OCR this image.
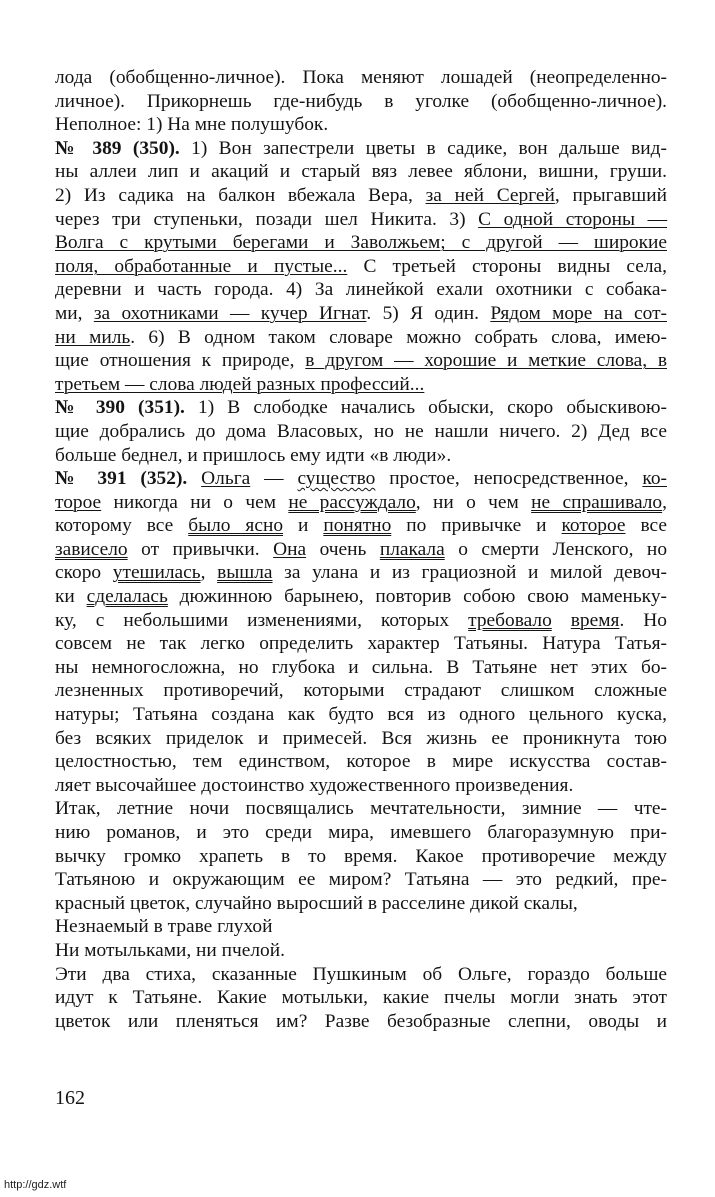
лода (обобщенно-личное). Пока меняют лошадей (неопределенно-
личное). Прикорнешь где-нибудь в уголке (обобщенно-личное).
Неполное: 1) На мне полушубок.
№ 389 (350). 1) Вон запестрели цветы в садике, вон дальше вид-
ны аллеи лип и акаций и старый вяз левее яблони, вишни, груши.
2) Из садика на балкон вбежала Вера, за ней Сергей, прыгавший
через три ступеньки, позади шел Никита. 3) С одной стороны —
Волга с крутыми берегами и Заволжьем; с другой — широкие
поля, обработанные и пустые... С третьей стороны видны села,
деревни и часть города. 4) За линейкой ехали охотники с собака-
ми, за охотниками — кучер Игнат. 5) Я один. Рядом море на сот-
ни миль. 6) В одном таком словаре можно собрать слова, имею-
щие отношения к природе, в другом — хорошие и меткие слова, в
третьем — слова людей разных профессий...
№ 390 (351). 1) В слободке начались обыски, скоро обыскивою-
щие добрались до дома Власовых, но не нашли ничего. 2) Дед все
больше беднел, и пришлось ему идти «в люди».
№ 391 (352). Ольга — существо простое, непосредственное, ко-
торое никогда ни о чем не рассуждало, ни о чем не спрашивало,
которому все было ясно и понятно по привычке и которое все
зависело от привычки. Она очень плакала о смерти Ленского, но
скоро утешилась, вышла за улана и из грациозной и милой девоч-
ки сделалась дюжинною барынею, повторив собою свою маменьку-
ку, с небольшими изменениями, которых требовало время. Но
совсем не так легко определить характер Татьяны. Натура Татья-
ны немногосложна, но глубока и сильна. В Татьяне нет этих бо-
лезненных противоречий, которыми страдают слишком сложные
натуры; Татьяна создана как будто вся из одного цельного куска,
без всяких приделок и примесей. Вся жизнь ее проникнута тою
целостностью, тем единством, которое в мире искусства состав-
ляет высочайшее достоинство художественного произведения.
Итак, летние ночи посвящались мечтательности, зимние — чте-
нию романов, и это среди мира, имевшего благоразумную при-
вычку громко храпеть в то время. Какое противоречие между
Татьяною и окружающим ее миром? Татьяна — это редкий, пре-
красный цветок, случайно выросший в расселине дикой скалы,
Незнаемый в траве глухой
Ни мотыльками, ни пчелой.
Эти два стиха, сказанные Пушкиным об Ольге, гораздо больше
идут к Татьяне. Какие мотыльки, какие пчелы могли знать этот
цветок или пленяться им? Разве безобразные слепни, оводы и
162
http://gdz.wtf
